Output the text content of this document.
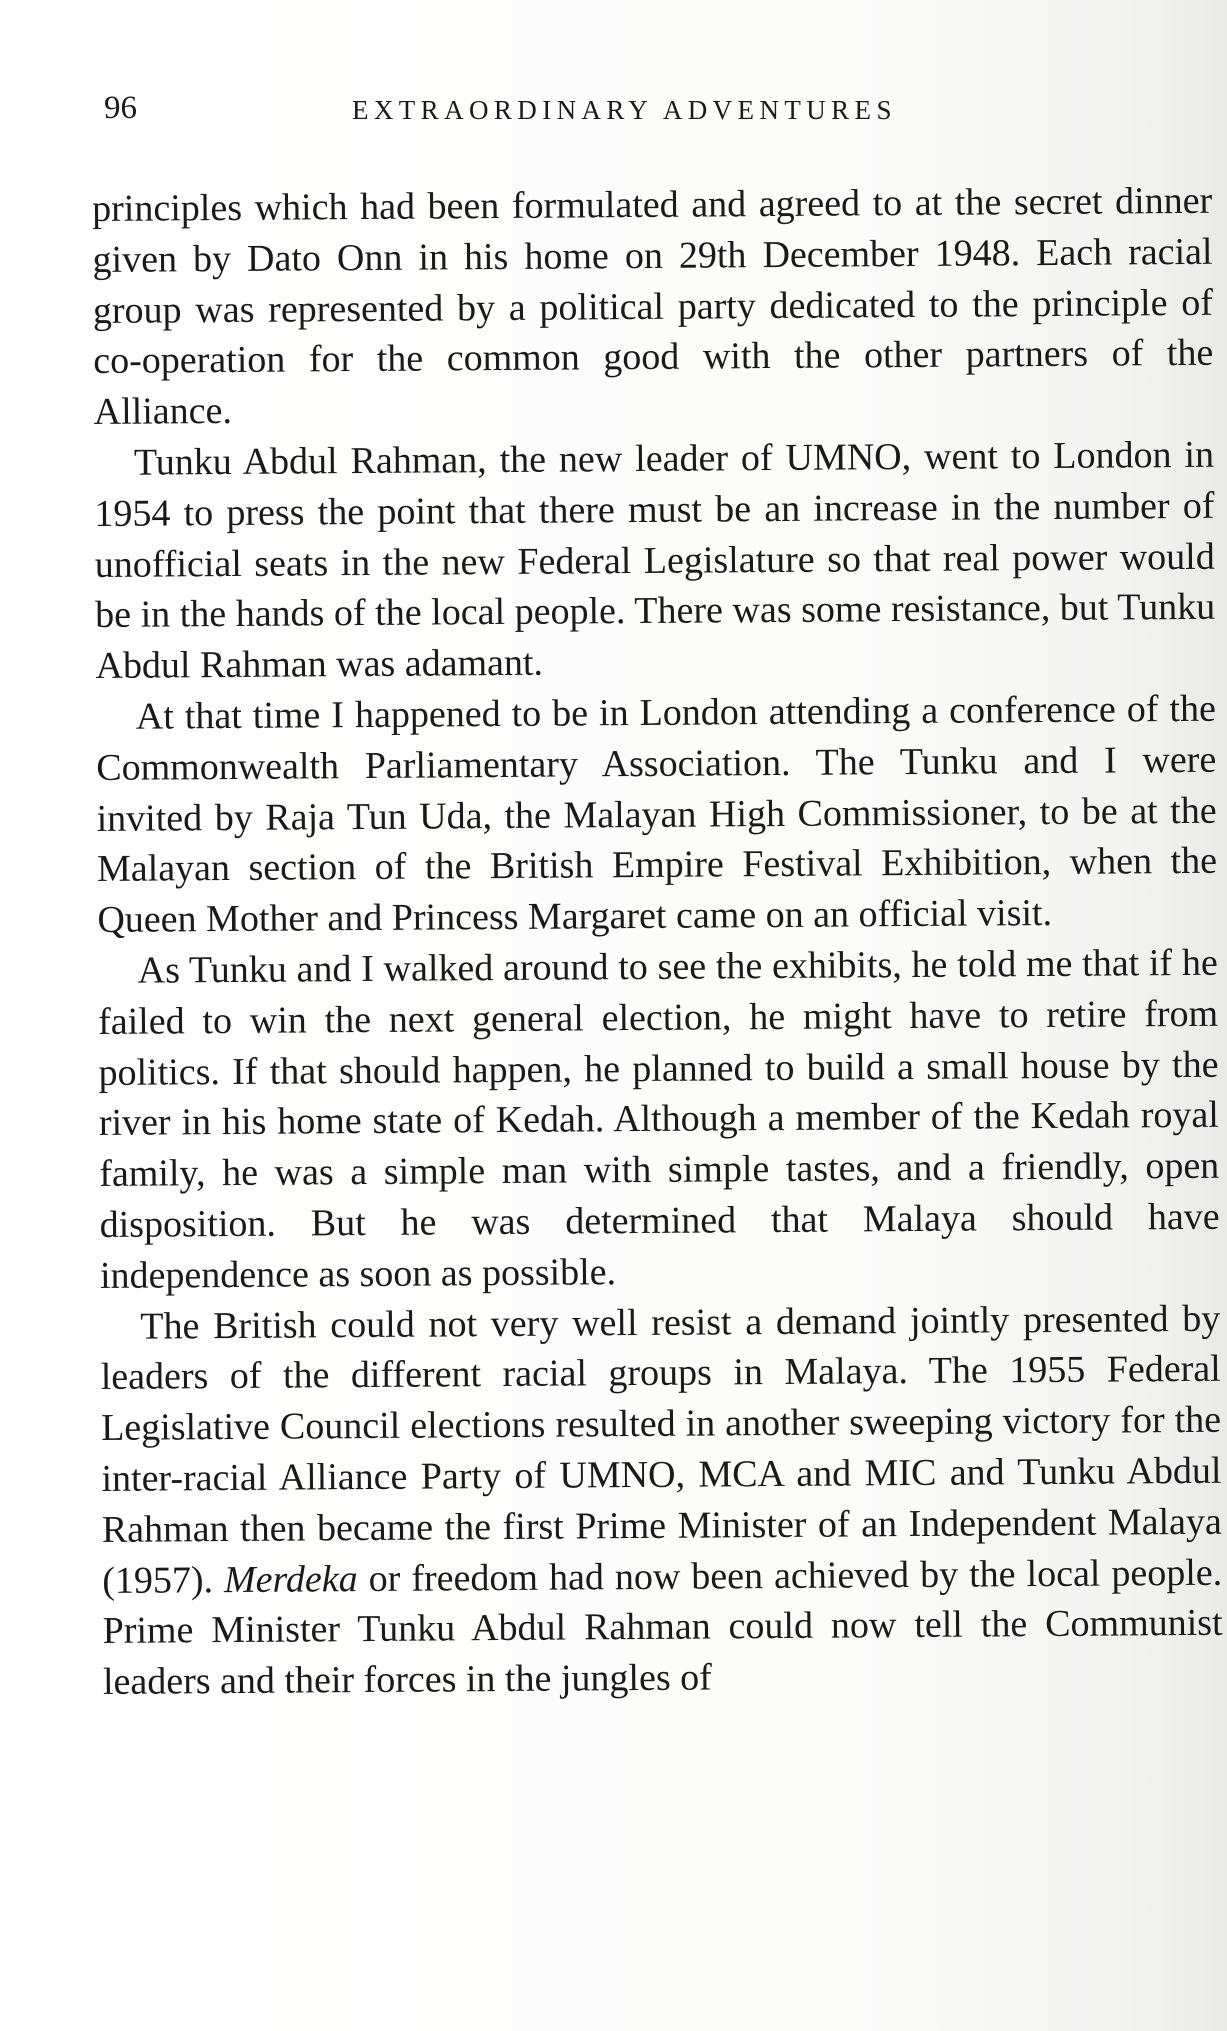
96	EXTRAORDINARY ADVENTURES

principles which had been formulated and agreed to at the secret dinner given by Dato Onn in his home on 29th December 1948. Each racial group was represented by a political party dedicated to the principle of co-operation for the common good with the other partners of the Alliance.

Tunku Abdul Rahman, the new leader of UMNO, went to London in 1954 to press the point that there must be an increase in the number of unofficial seats in the new Federal Legislature so that real power would be in the hands of the local people. There was some resistance, but Tunku Abdul Rahman was adamant.

At that time I happened to be in London attending a conference of the Commonwealth Parliamentary Association. The Tunku and I were invited by Raja Tun Uda, the Malayan High Commissioner, to be at the Malayan section of the British Empire Festival Exhibition, when the Queen Mother and Princess Margaret came on an official visit.

As Tunku and I walked around to see the exhibits, he told me that if he failed to win the next general election, he might have to retire from politics. If that should happen, he planned to build a small house by the river in his home state of Kedah. Although a member of the Kedah royal family, he was a simple man with simple tastes, and a friendly, open disposition. But he was determined that Malaya should have independence as soon as possible.

The British could not very well resist a demand jointly presented by leaders of the different racial groups in Malaya. The 1955 Federal Legislative Council elections resulted in another sweeping victory for the inter-racial Alliance Party of UMNO, MCA and MIC and Tunku Abdul Rahman then became the first Prime Minister of an Independent Malaya (1957). Merdeka or freedom had now been achieved by the local people. Prime Minister Tunku Abdul Rahman could now tell the Communist leaders and their forces in the jungles of
